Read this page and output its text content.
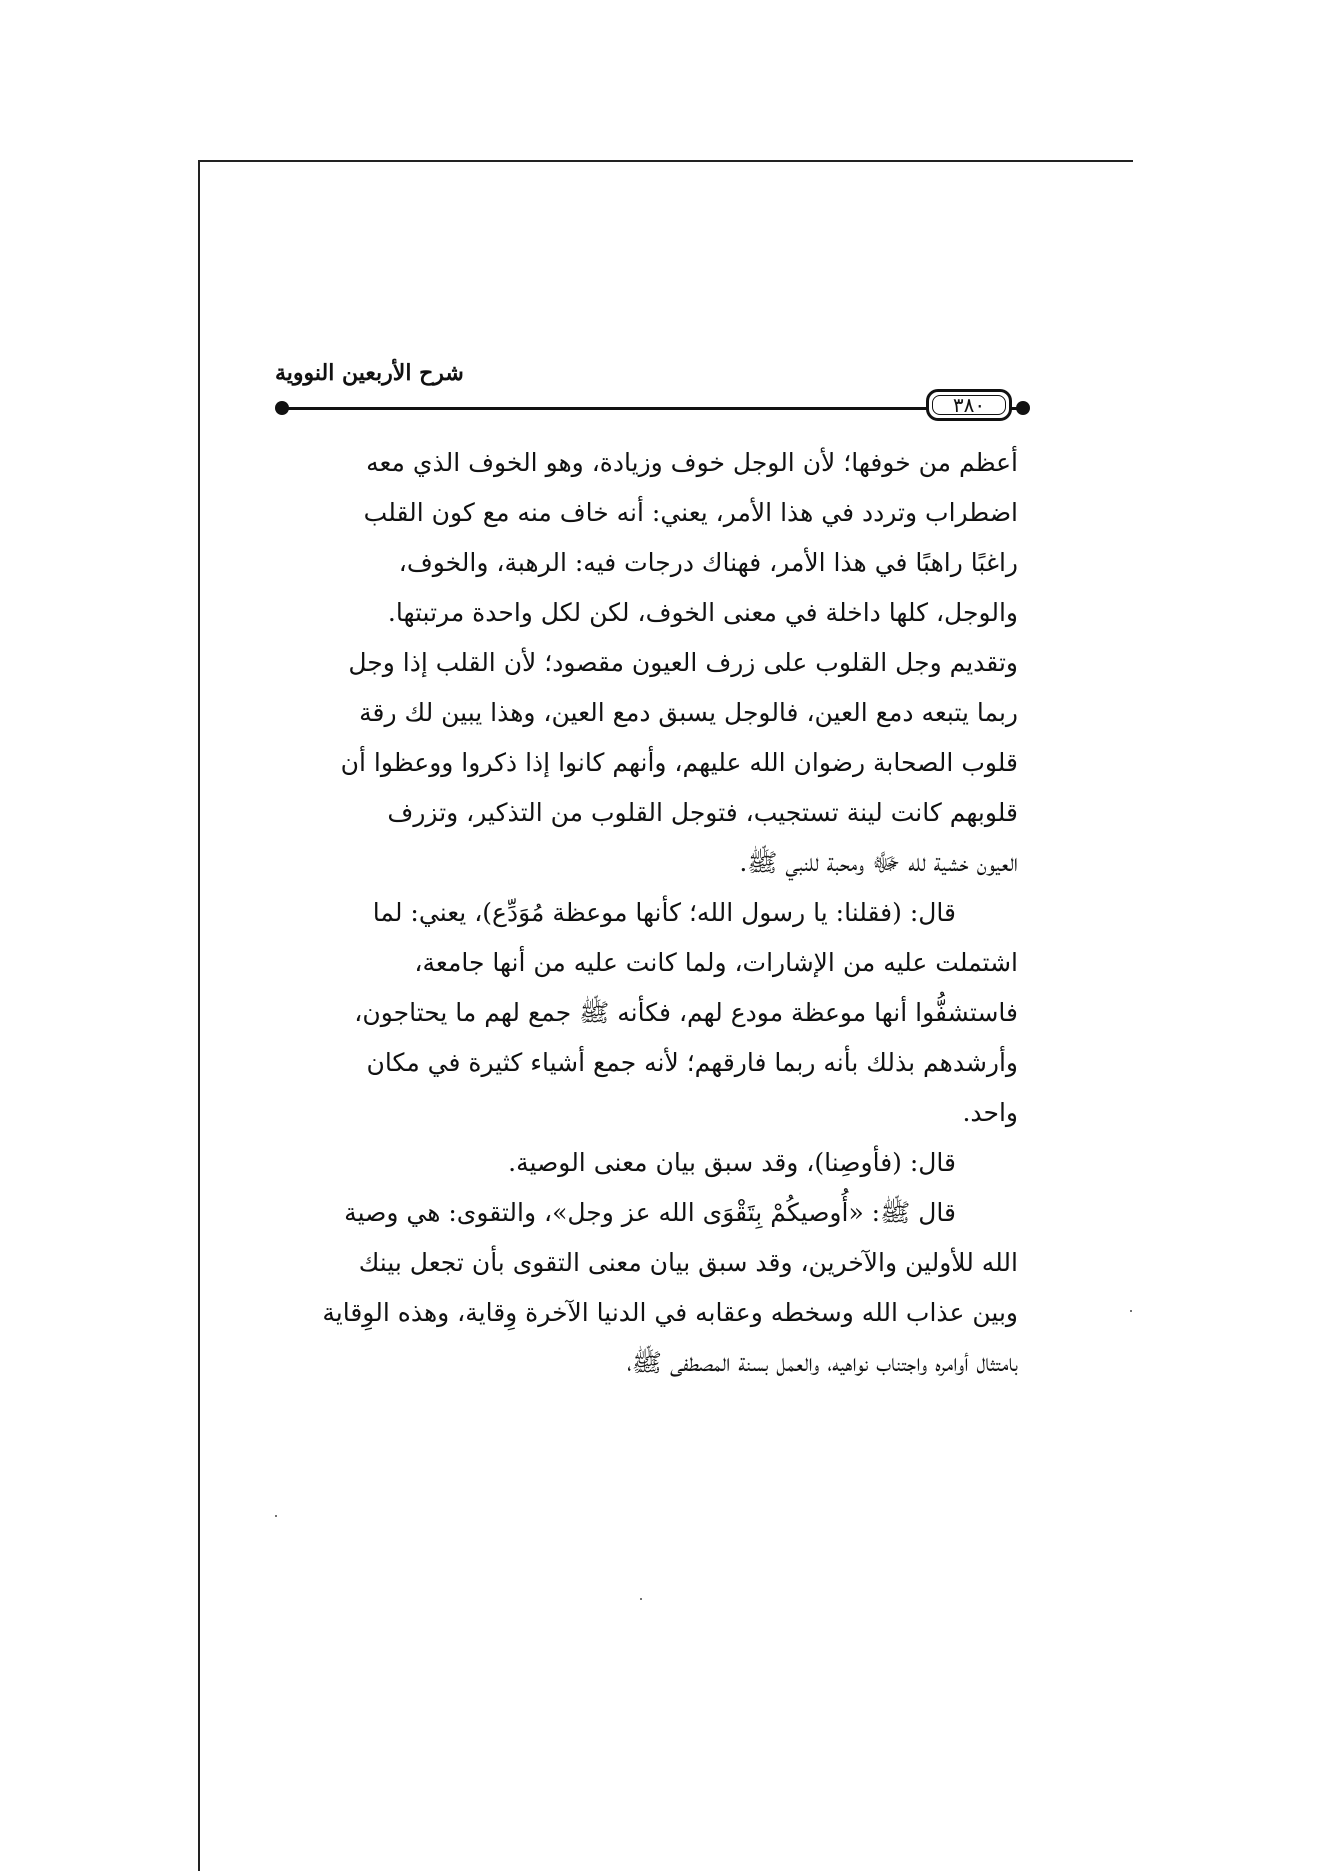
شرح الأربعين النووية
٣٨٠
أعظم من خوفها؛ لأن الوجل خوف وزيادة، وهو الخوف الذي معه
اضطراب وتردد في هذا الأمر، يعني: أنه خاف منه مع كون القلب
راغبًا راهبًا في هذا الأمر، فهناك درجات فيه: الرهبة، والخوف،
والوجل، كلها داخلة في معنى الخوف، لكن لكل واحدة مرتبتها.
وتقديم وجل القلوب على زرف العيون مقصود؛ لأن القلب إذا وجل
ربما يتبعه دمع العين، فالوجل يسبق دمع العين، وهذا يبين لك رقة
قلوب الصحابة رضوان الله عليهم، وأنهم كانوا إذا ذكروا ووعظوا أن
قلوبهم كانت لينة تستجيب، فتوجل القلوب من التذكير، وتزرف
العيون خشية لله ﷻ ومحبة للنبي ﷺ.
قال: (فقلنا: يا رسول الله؛ كأنها موعظة مُوَدِّع)، يعني: لما
اشتملت عليه من الإشارات، ولما كانت عليه من أنها جامعة،
فاستشفُّوا أنها موعظة مودع لهم، فكأنه ﷺ جمع لهم ما يحتاجون،
وأرشدهم بذلك بأنه ربما فارقهم؛ لأنه جمع أشياء كثيرة في مكان
واحد.
قال: (فأوصِنا)، وقد سبق بيان معنى الوصية.
قال ﷺ: «أُوصيكُمْ بِتَقْوَى الله عز وجل»، والتقوى: هي وصية
الله للأولين والآخرين، وقد سبق بيان معنى التقوى بأن تجعل بينك
وبين عذاب الله وسخطه وعقابه في الدنيا الآخرة وِقاية، وهذه الوِقاية
بامتثال أوامره واجتناب نواهيه، والعمل بسنة المصطفى ﷺ،
